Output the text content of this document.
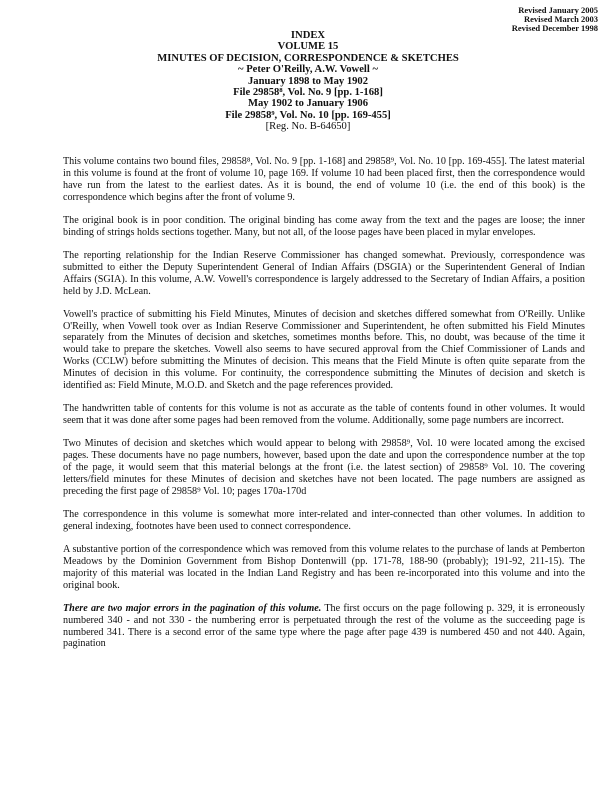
Revised January 2005
Revised March 2003
Revised December 1998
INDEX
VOLUME 15
MINUTES OF DECISION, CORRESPONDENCE & SKETCHES
~ Peter O'Reilly, A.W. Vowell ~
January 1898 to May 1902
File 29858⁸, Vol. No. 9 [pp. 1-168]
May 1902 to January 1906
File 29858⁹, Vol. No. 10 [pp. 169-455]
[Reg. No. B-64650]

This volume contains two bound files, 29858⁸, Vol. No. 9 [pp. 1-168] and 29858⁹, Vol. No. 10 [pp. 169-455]. The latest material in this volume is found at the front of volume 10, page 169. If volume 10 had been placed first, then the correspondence would have run from the latest to the earliest dates. As it is bound, the end of volume 10 (i.e. the end of this book) is the correspondence which begins after the front of volume 9.

The original book is in poor condition. The original binding has come away from the text and the pages are loose; the inner binding of strings holds sections together. Many, but not all, of the loose pages have been placed in mylar envelopes.

The reporting relationship for the Indian Reserve Commissioner has changed somewhat. Previously, correspondence was submitted to either the Deputy Superintendent General of Indian Affairs (DSGIA) or the Superintendent General of Indian Affairs (SGIA). In this volume, A.W. Vowell's correspondence is largely addressed to the Secretary of Indian Affairs, a position held by J.D. McLean.

Vowell's practice of submitting his Field Minutes, Minutes of decision and sketches differed somewhat from O'Reilly. Unlike O'Reilly, when Vowell took over as Indian Reserve Commissioner and Superintendent, he often submitted his Field Minutes separately from the Minutes of decision and sketches, sometimes months before. This, no doubt, was because of the time it would take to prepare the sketches. Vowell also seems to have secured approval from the Chief Commissioner of Lands and Works (CCLW) before submitting the Minutes of decision. This means that the Field Minute is often quite separate from the Minutes of decision in this volume. For continuity, the correspondence submitting the Minutes of decision and sketch is identified as: Field Minute, M.O.D. and Sketch and the page references provided.

The handwritten table of contents for this volume is not as accurate as the table of contents found in other volumes. It would seem that it was done after some pages had been removed from the volume. Additionally, some page numbers are incorrect.

Two Minutes of decision and sketches which would appear to belong with 29858⁹, Vol. 10 were located among the excised pages. These documents have no page numbers, however, based upon the date and upon the correspondence number at the top of the page, it would seem that this material belongs at the front (i.e. the latest section) of 29858⁹ Vol. 10. The covering letters/field minutes for these Minutes of decision and sketches have not been located. The page numbers are assigned as preceding the first page of 29858⁹ Vol. 10; pages 170a-170d

The correspondence in this volume is somewhat more inter-related and inter-connected than other volumes. In addition to general indexing, footnotes have been used to connect correspondence.

A substantive portion of the correspondence which was removed from this volume relates to the purchase of lands at Pemberton Meadows by the Dominion Government from Bishop Dontenwill (pp. 171-78, 188-90 (probably); 191-92, 211-15). The majority of this material was located in the Indian Land Registry and has been re-incorporated into this volume and into the original book.

There are two major errors in the pagination of this volume. The first occurs on the page following p. 329, it is erroneously numbered 340 - and not 330 - the numbering error is perpetuated through the rest of the volume as the succeeding page is numbered 341. There is a second error of the same type where the page after page 439 is numbered 450 and not 440. Again, pagination
